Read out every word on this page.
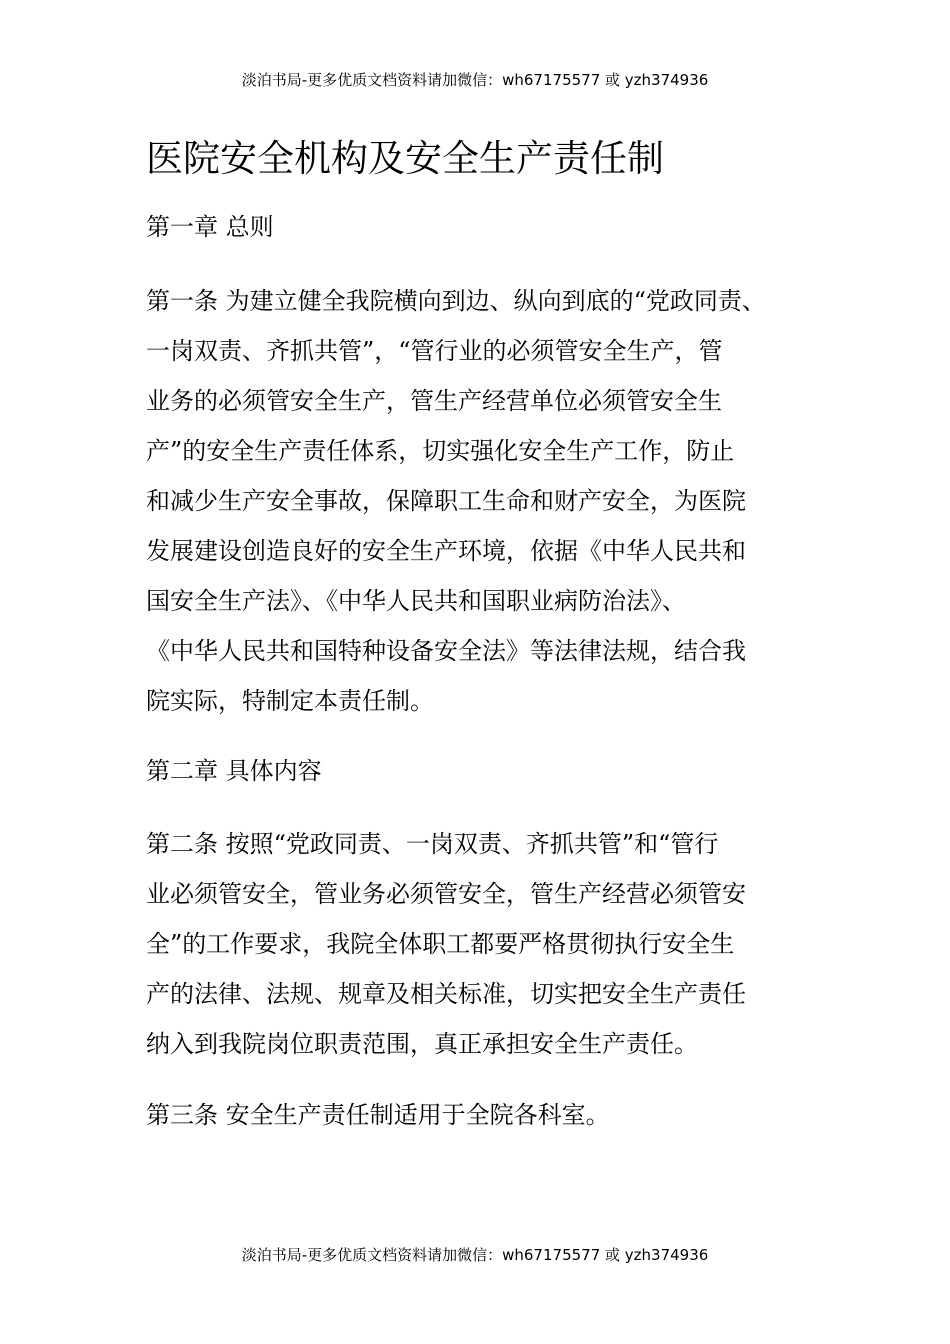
淡泊书局-更多优质文档资料请加微信：wh67175577 或 yzh374936
医院安全机构及安全生产责任制
第一章 总则
第一条 为建立健全我院横向到边、纵向到底的“党政同责、
一岗双责、齐抓共管”，“管行业的必须管安全生产，管
业务的必须管安全生产，管生产经营单位必须管安全生
产”的安全生产责任体系，切实强化安全生产工作，防止
和减少生产安全事故，保障职工生命和财产安全，为医院
发展建设创造良好的安全生产环境，依据《中华人民共和
国安全生产法》、《中华人民共和国职业病防治法》、
《中华人民共和国特种设备安全法》等法律法规，结合我
院实际，特制定本责任制。
第二章 具体内容
第二条 按照“党政同责、一岗双责、齐抓共管”和“管行
业必须管安全，管业务必须管安全，管生产经营必须管安
全”的工作要求，我院全体职工都要严格贯彻执行安全生
产的法律、法规、规章及相关标准，切实把安全生产责任
纳入到我院岗位职责范围，真正承担安全生产责任。
第三条 安全生产责任制适用于全院各科室。
淡泊书局-更多优质文档资料请加微信：wh67175577 或 yzh374936
